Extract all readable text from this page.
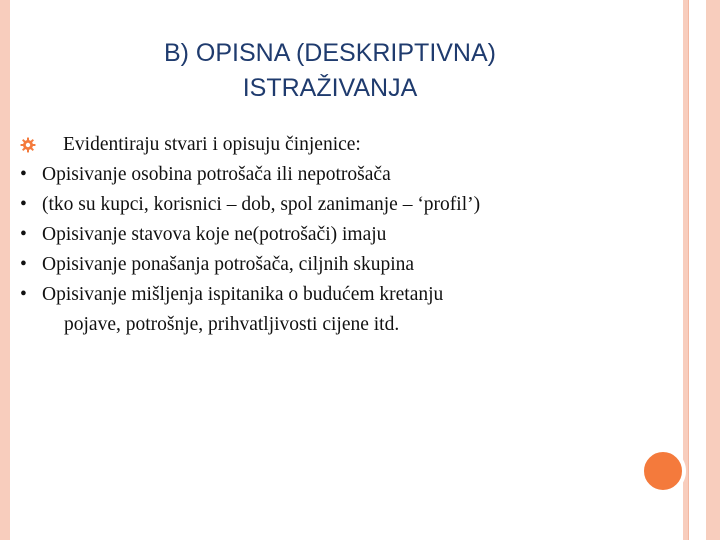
B) OPISNA (DESKRIPTIVNA)
ISTRAŽIVANJA
Evidentiraju stvari i opisuju činjenice:
• Opisivanje osobina potrošača ili nepotrošača
• (tko su kupci, korisnici – dob, spol zanimanje – ‘profil’)
• Opisivanje stavova koje ne(potrošači) imaju
• Opisivanje ponašanja potrošača, ciljnih skupina
• Opisivanje mišljenja ispitanika o budućem kretanju
pojave, potrošnje, prihvatljivosti cijene itd.
